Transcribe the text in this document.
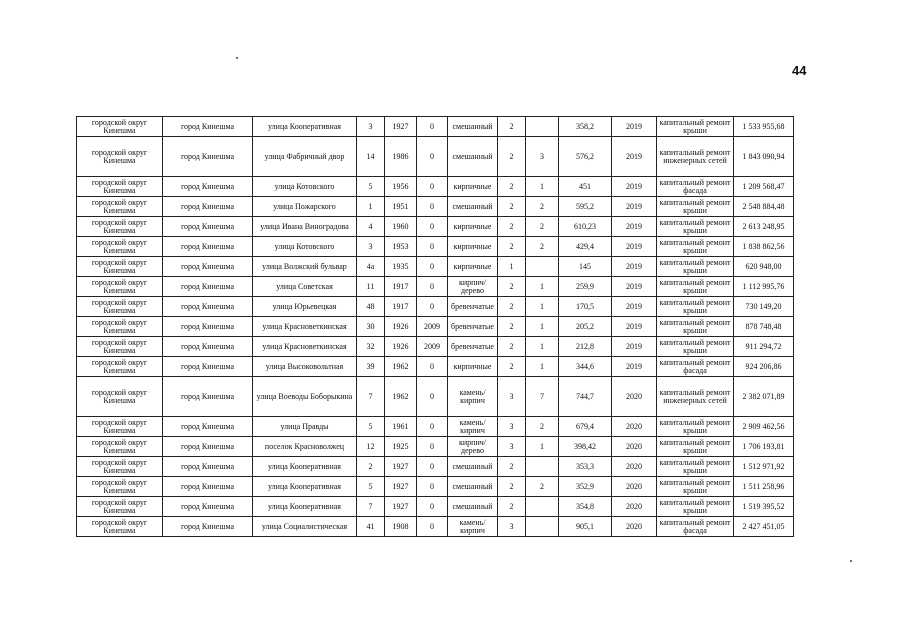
44
городской округ Кинешма	город Кинешма	улица Кооперативная	3	1927	0	смешанный	2		358,2	2019	капитальный ремонт крыши	1 533 955,68
городской округ Кинешма	город Кинешма	улица Фабричный двор	14	1986	0	смешанный	2	3	576,2	2019	капитальный ремонт инженерных сетей	1 843 090,94
городской округ Кинешма	город Кинешма	улица Котовского	5	1956	0	кирпичные	2	1	451	2019	капитальный ремонт фасада	1 209 568,47
городской округ Кинешма	город Кинешма	улица Пожарского	1	1951	0	смешанный	2	2	595,2	2019	капитальный ремонт крыши	2 548 884,48
городской округ Кинешма	город Кинешма	улица Ивана Виноградова	4	1960	0	кирпичные	2	2	610,23	2019	капитальный ремонт крыши	2 613 248,95
городской округ Кинешма	город Кинешма	улица Котовского	3	1953	0	кирпичные	2	2	429,4	2019	капитальный ремонт крыши	1 838 862,56
городской округ Кинешма	город Кинешма	улица Волжский бульвар	4а	1935	0	кирпичные	1		145	2019	капитальный ремонт крыши	620 948,00
городской округ Кинешма	город Кинешма	улица Советская	11	1917	0	кирпич/дерево	2	1	259,9	2019	капитальный ремонт крыши	1 112 995,76
городской округ Кинешма	город Кинешма	улица Юрьевецкая	48	1917	0	бревенчатые	2	1	170,5	2019	капитальный ремонт крыши	730 149,20
городской округ Кинешма	город Кинешма	улица Красноветкинская	30	1926	2009	бревенчатые	2	1	205,2	2019	капитальный ремонт крыши	878 748,48
городской округ Кинешма	город Кинешма	улица Красноветкинская	32	1926	2009	бревенчатые	2	1	212,8	2019	капитальный ремонт крыши	911 294,72
городской округ Кинешма	город Кинешма	улица Высоковольтная	39	1962	0	кирпичные	2	1	344,6	2019	капитальный ремонт фасада	924 206,86
городской округ Кинешма	город Кинешма	улица Воеводы Боборыкина	7	1962	0	камень/кирпич	3	7	744,7	2020	капитальный ремонт инженерных сетей	2 382 071,89
городской округ Кинешма	город Кинешма	улица Правды	5	1961	0	камень/кирпич	3	2	679,4	2020	капитальный ремонт крыши	2 909 462,56
городской округ Кинешма	город Кинешма	поселок Красноволжец	12	1925	0	кирпич/дерево	3	1	398,42	2020	капитальный ремонт крыши	1 706 193,81
городской округ Кинешма	город Кинешма	улица Кооперативная	2	1927	0	смешанный	2		353,3	2020	капитальный ремонт крыши	1 512 971,92
городской округ Кинешма	город Кинешма	улица Кооперативная	5	1927	0	смешанный	2	2	352,9	2020	капитальный ремонт крыши	1 511 258,96
городской округ Кинешма	город Кинешма	улица Кооперативная	7	1927	0	смешанный	2		354,8	2020	капитальный ремонт крыши	1 519 395,52
городской округ Кинешма	город Кинешма	улица Социалистическая	41	1908	0	камень/кирпич	3		905,1	2020	капитальный ремонт фасада	2 427 451,05
